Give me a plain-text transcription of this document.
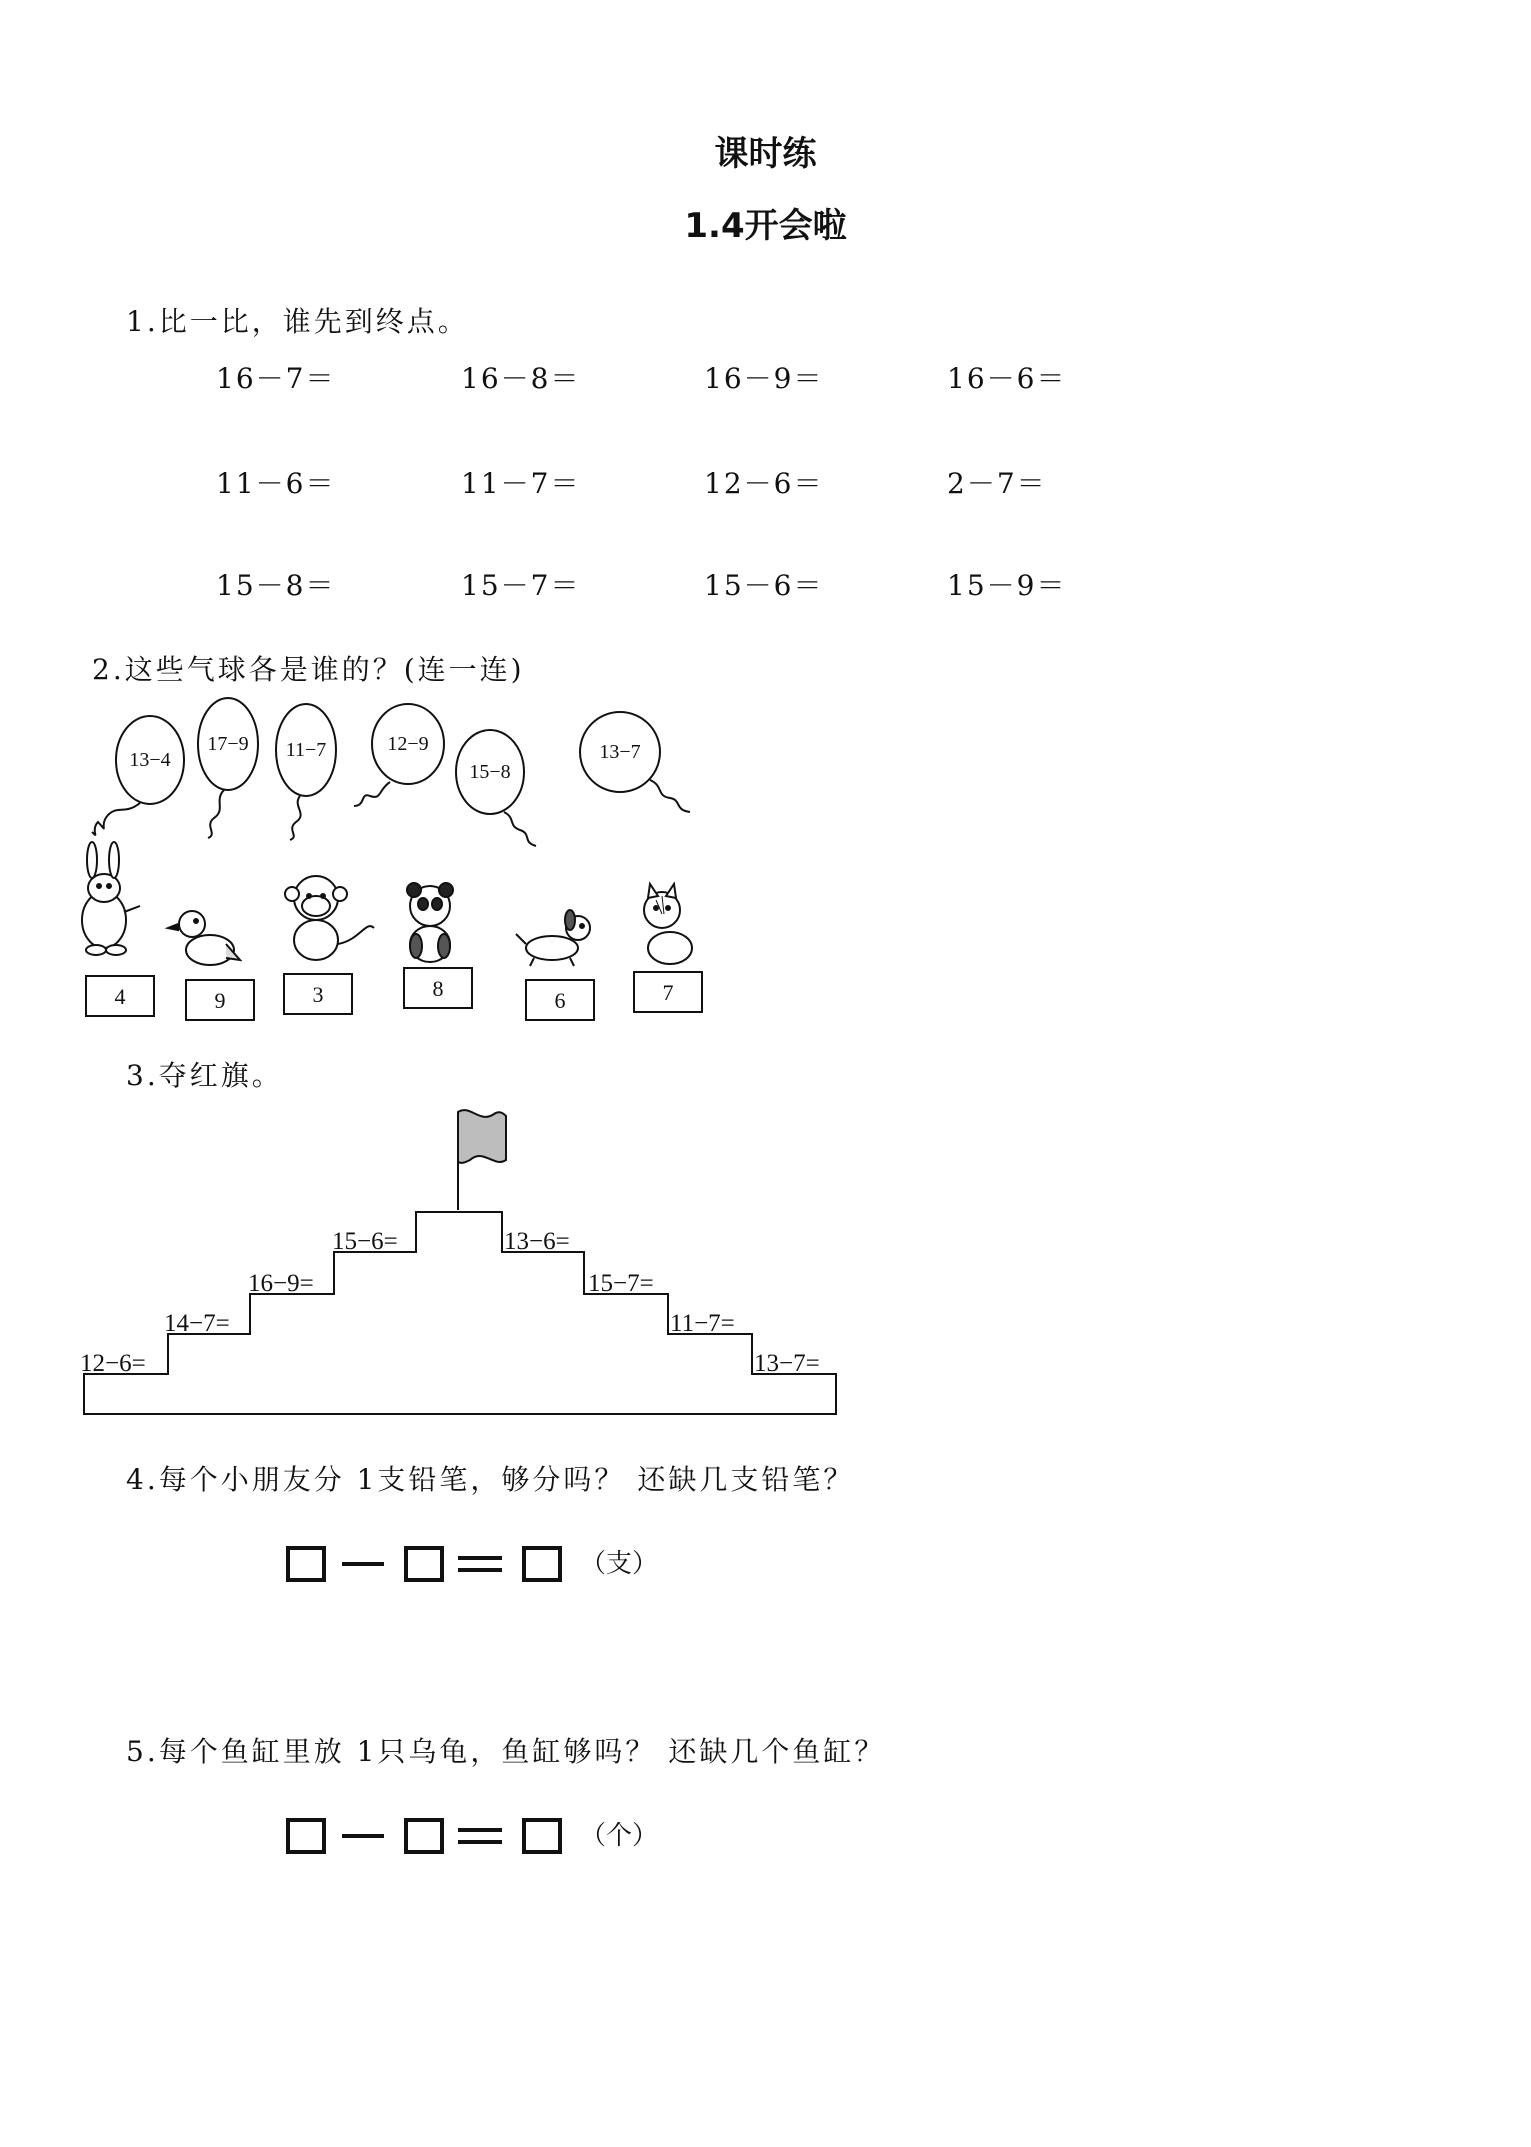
课时练
1.4开会啦
1.比一比，谁先到终点。
16－7＝	16－8＝	16－9＝	16－6＝
11－6＝	11－7＝	12－6＝	2－7＝
15－8＝	15－7＝	15－6＝	15－9＝
2.这些气球各是谁的？(连一连)
13−4
17−9 11−7	12−9
15−8
13−7
4	9	3	8	6	7
3.夺红旗。
12−6=
14−7=
16−9=
15−6=	13−6=
15−7=
11−7=
13−7=
4.每个小朋友分 1支铅笔，够分吗？ 还缺几支铅笔？
（支）
5.每个鱼缸里放 1只乌龟，鱼缸够吗？ 还缺几个鱼缸？
（个）
